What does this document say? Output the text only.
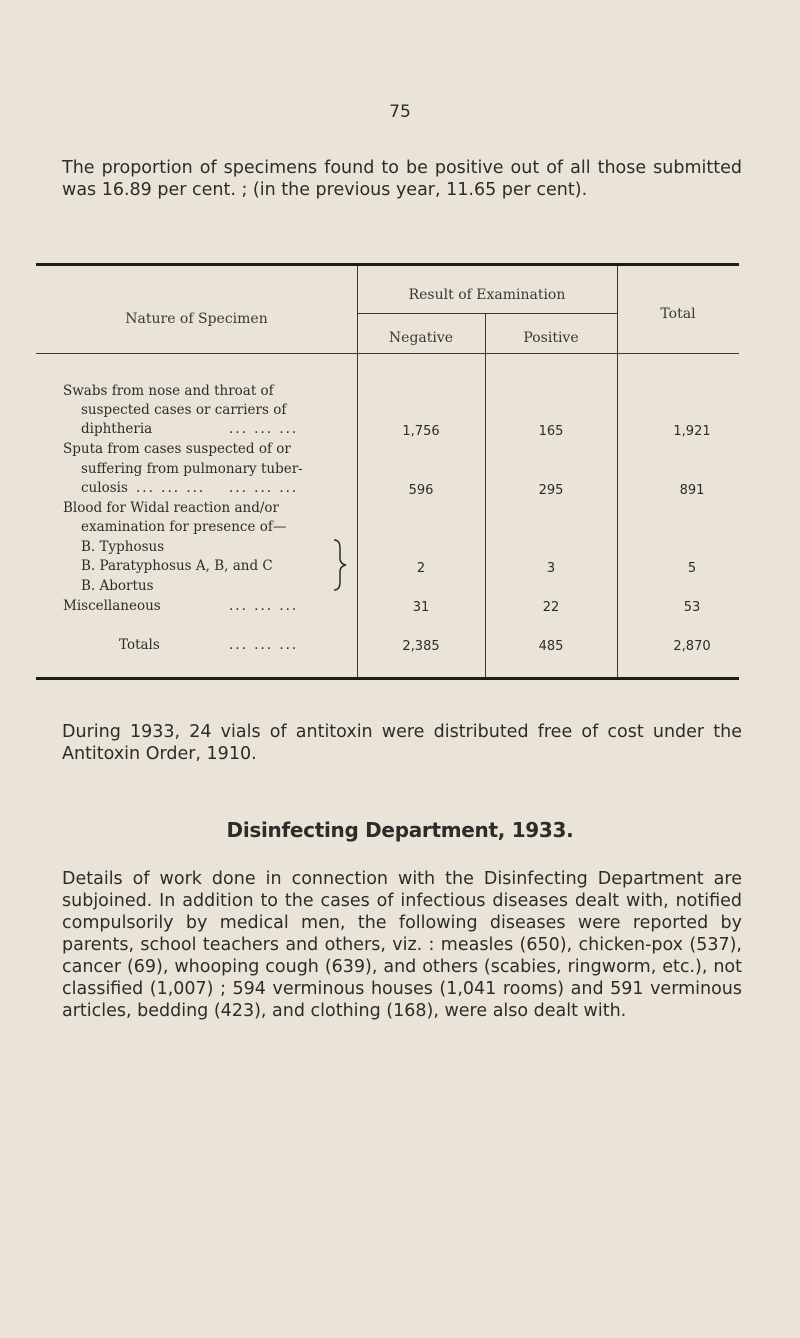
75
The proportion of specimens found to be positive out of all those submitted was 16.89 per cent. ; (in the previous year, 11.65 per cent).
Nature of Specimen
Result of Examination
Negative	Positive
Total
Swabs from nose and throat of
suspected cases or carriers of
diphtheria	... ... ...	1,756	165	1,921
Sputa from cases suspected of or
suffering from pulmonary tuber-
culosis ... ... ... ... ... ...	596	295	891
Blood for Widal reaction and/or
examination for presence of—
B. Typhosus
B. Paratyphosus A, B, and C
B. Abortus
2	3	5
Miscellaneous	... ... ...	31	22	53
Totals	... ... ...	2,385	485	2,870
During 1933, 24 vials of antitoxin were distributed free of cost under the Antitoxin Order, 1910.
Disinfecting Department, 1933.
Details of work done in connection with the Disinfecting Department are subjoined. In addition to the cases of infectious diseases dealt with, notified compulsorily by medical men, the following diseases were reported by parents, school teachers and others, viz. : measles (650), chicken-pox (537), cancer (69), whooping cough (639), and others (scabies, ringworm, etc.), not classified (1,007) ; 594 verminous houses (1,041 rooms) and 591 verminous articles, bedding (423), and clothing (168), were also dealt with.
